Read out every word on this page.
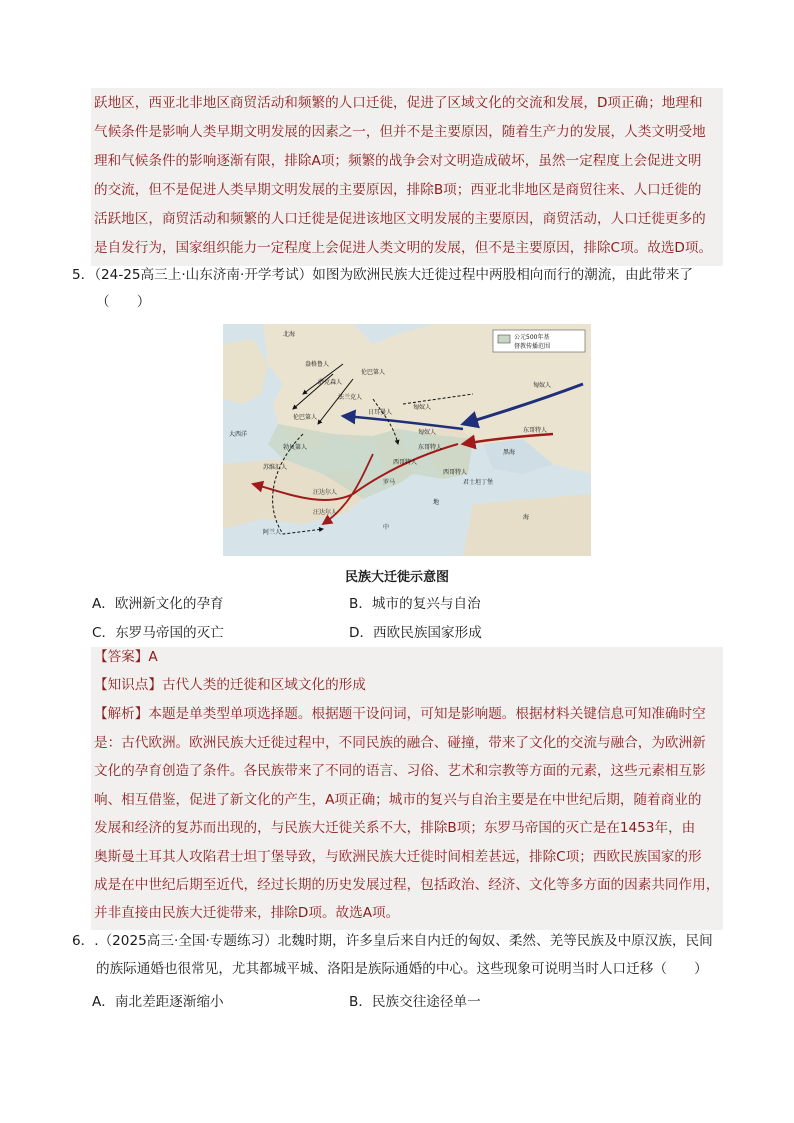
跃地区，西亚北非地区商贸活动和频繁的人口迁徙，促进了区域文化的交流和发展，D项正确；地理和
气候条件是影响人类早期文明发展的因素之一，但并不是主要原因，随着生产力的发展，人类文明受地
理和气候条件的影响逐渐有限，排除A项；频繁的战争会对文明造成破坏，虽然一定程度上会促进文明
的交流，但不是促进人类早期文明发展的主要原因，排除B项；西亚北非地区是商贸往来、人口迁徙的
活跃地区，商贸活动和频繁的人口迁徙是促进该地区文明发展的主要原因，商贸活动，人口迁徙更多的
是自发行为，国家组织能力一定程度上会促进人类文明的发展，但不是主要原因，排除C项。故选D项。
5．（24-25高三上·山东济南·开学考试）如图为欧洲民族大迁徙过程中两股相向而行的潮流，由此带来了
（　　）
公元500年基
督教传播范围
北海
大西洋
黑海
地
中
海
盎格鲁人
萨克森人
伦巴第人
法兰克人
伦巴第人
日耳曼人
匈奴人
匈奴人
匈奴人
东哥特人
西哥特人
东哥特人
西哥特人
勃艮第人
苏维汇人
汪达尔人
汪达尔人
阿兰人
罗马	君士坦丁堡
民族大迁徙示意图
A．欧洲新文化的孕育	B．城市的复兴与自治
C．东罗马帝国的灭亡	D．西欧民族国家形成
【答案】A
【知识点】古代人类的迁徙和区域文化的形成
【解析】本题是单类型单项选择题。根据题干设问词，可知是影响题。根据材料关键信息可知准确时空
是：古代欧洲。欧洲民族大迁徙过程中，不同民族的融合、碰撞，带来了文化的交流与融合，为欧洲新
文化的孕育创造了条件。各民族带来了不同的语言、习俗、艺术和宗教等方面的元素，这些元素相互影
响、相互借鉴，促进了新文化的产生，A项正确；城市的复兴与自治主要是在中世纪后期，随着商业的
发展和经济的复苏而出现的，与民族大迁徙关系不大，排除B项；东罗马帝国的灭亡是在1453年，由
奥斯曼土耳其人攻陷君士坦丁堡导致，与欧洲民族大迁徙时间相差甚远，排除C项；西欧民族国家的形
成是在中世纪后期至近代，经过长期的历史发展过程，包括政治、经济、文化等多方面的因素共同作用，
并非直接由民族大迁徙带来，排除D项。故选A项。
6．.（2025高三·全国·专题练习）北魏时期，许多皇后来自内迁的匈奴、柔然、羌等民族及中原汉族，民间
的族际通婚也很常见，尤其都城平城、洛阳是族际通婚的中心。这些现象可说明当时人口迁移（　　）
A．南北差距逐渐缩小	B．民族交往途径单一
